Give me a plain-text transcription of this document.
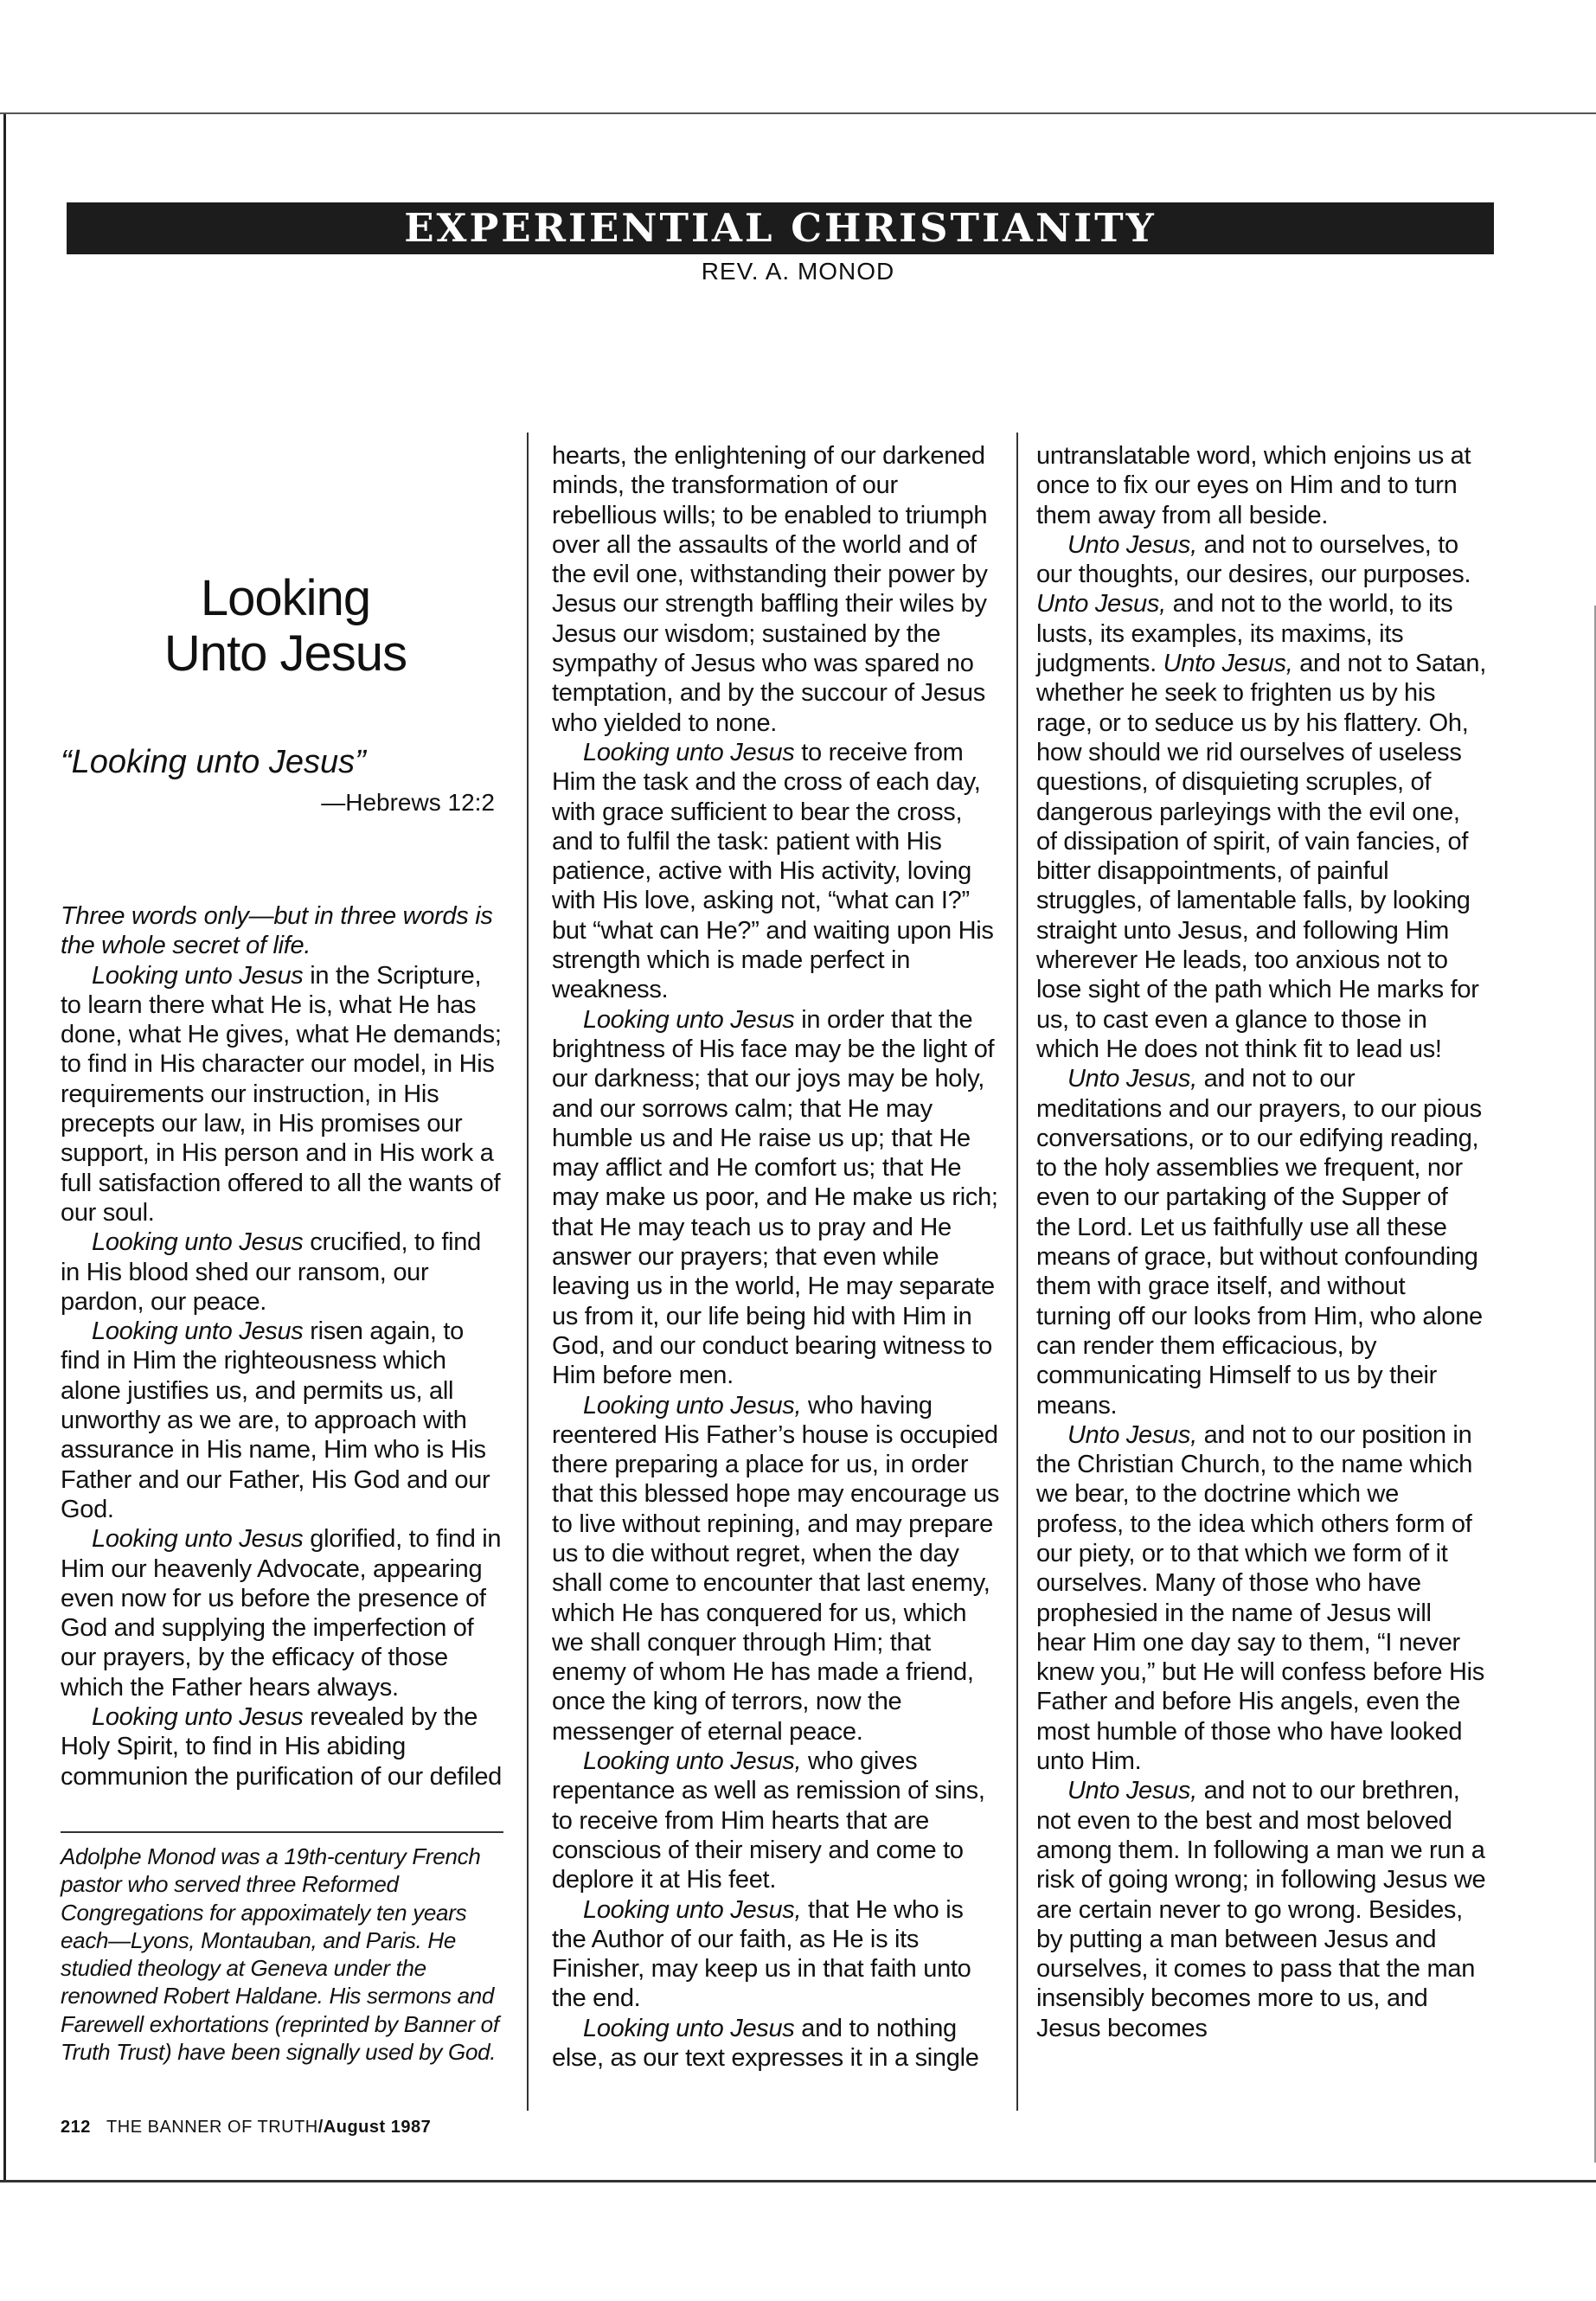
EXPERIENTIAL CHRISTIANITY
REV. A. MONOD
Looking
Unto Jesus
“Looking unto Jesus”
—Hebrews 12:2

Three words only—but in three words is the whole secret of life.

Looking unto Jesus in the Scripture, to learn there what He is, what He has done, what He gives, what He demands; to find in His character our model, in His requirements our instruction, in His precepts our law, in His promises our support, in His person and in His work a full satisfaction offered to all the wants of our soul.

Looking unto Jesus crucified, to find in His blood shed our ransom, our pardon, our peace.

Looking unto Jesus risen again, to find in Him the righteousness which alone justifies us, and permits us, all unworthy as we are, to approach with assurance in His name, Him who is His Father and our Father, His God and our God.

Looking unto Jesus glorified, to find in Him our heavenly Advocate, appearing even now for us before the presence of God and supplying the imperfection of our prayers, by the efficacy of those which the Father hears always.

Looking unto Jesus revealed by the Holy Spirit, to find in His abiding communion the purification of our defiled

Adolphe Monod was a 19th-century French pastor who served three Reformed Congregations for appoximately ten years each—Lyons, Montauban, and Paris. He studied theology at Geneva under the renowned Robert Haldane. His sermons and Farewell exhortations (reprinted by Banner of Truth Trust) have been signally used by God.
212 THE BANNER OF TRUTH/August 1987

hearts, the enlightening of our darkened minds, the transformation of our rebellious wills; to be enabled to triumph over all the assaults of the world and of the evil one, withstanding their power by Jesus our strength baffling their wiles by Jesus our wisdom; sustained by the sympathy of Jesus who was spared no temptation, and by the succour of Jesus who yielded to none.

Looking unto Jesus to receive from Him the task and the cross of each day, with grace sufficient to bear the cross, and to fulfil the task: patient with His patience, active with His activity, loving with His love, asking not, “what can I?” but “what can He?” and waiting upon His strength which is made perfect in weakness.

Looking unto Jesus in order that the brightness of His face may be the light of our darkness; that our joys may be holy, and our sorrows calm; that He may humble us and He raise us up; that He may afflict and He comfort us; that He may make us poor, and He make us rich; that He may teach us to pray and He answer our prayers; that even while leaving us in the world, He may separate us from it, our life being hid with Him in God, and our conduct bearing witness to Him before men.

Looking unto Jesus, who having reentered His Father’s house is occupied there preparing a place for us, in order that this blessed hope may encourage us to live without repining, and may prepare us to die without regret, when the day shall come to encounter that last enemy, which He has conquered for us, which we shall conquer through Him; that enemy of whom He has made a friend, once the king of terrors, now the messenger of eternal peace.

Looking unto Jesus, who gives repentance as well as remission of sins, to receive from Him hearts that are conscious of their misery and come to deplore it at His feet.

Looking unto Jesus, that He who is the Author of our faith, as He is its Finisher, may keep us in that faith unto the end.

Looking unto Jesus and to nothing else, as our text expresses it in a single

untranslatable word, which enjoins us at once to fix our eyes on Him and to turn them away from all beside.

Unto Jesus, and not to ourselves, to our thoughts, our desires, our purposes. Unto Jesus, and not to the world, to its lusts, its examples, its maxims, its judgments. Unto Jesus, and not to Satan, whether he seek to frighten us by his rage, or to seduce us by his flattery. Oh, how should we rid ourselves of useless questions, of disquieting scruples, of dangerous parleyings with the evil one, of dissipation of spirit, of vain fancies, of bitter disappointments, of painful struggles, of lamentable falls, by looking straight unto Jesus, and following Him wherever He leads, too anxious not to lose sight of the path which He marks for us, to cast even a glance to those in which He does not think fit to lead us!

Unto Jesus, and not to our meditations and our prayers, to our pious conversations, or to our edifying reading, to the holy assemblies we frequent, nor even to our partaking of the Supper of the Lord. Let us faithfully use all these means of grace, but without confounding them with grace itself, and without turning off our looks from Him, who alone can render them efficacious, by communicating Himself to us by their means.

Unto Jesus, and not to our position in the Christian Church, to the name which we bear, to the doctrine which we profess, to the idea which others form of our piety, or to that which we form of it ourselves. Many of those who have prophesied in the name of Jesus will hear Him one day say to them, “I never knew you,” but He will confess before His Father and before His angels, even the most humble of those who have looked unto Him.

Unto Jesus, and not to our brethren, not even to the best and most beloved among them. In following a man we run a risk of going wrong; in following Jesus we are certain never to go wrong. Besides, by putting a man between Jesus and ourselves, it comes to pass that the man insensibly becomes more to us, and Jesus becomes
